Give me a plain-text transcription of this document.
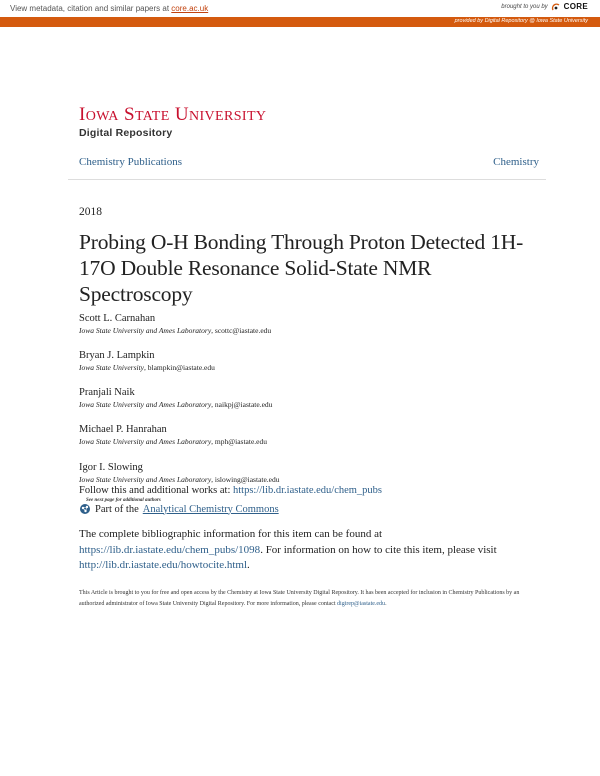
View metadata, citation and similar papers at core.ac.uk	brought to you by CORE
provided by Digital Repository @ Iowa State University
IOWA STATE UNIVERSITY
Digital Repository
Chemistry Publications	Chemistry
2018
Probing O-H Bonding Through Proton Detected 1H-17O Double Resonance Solid-State NMR Spectroscopy
Scott L. Carnahan
Iowa State University and Ames Laboratory, scottc@iastate.edu
Bryan J. Lampkin
Iowa State University, blampkin@iastate.edu
Pranjali Naik
Iowa State University and Ames Laboratory, naikpj@iastate.edu
Michael P. Hanrahan
Iowa State University and Ames Laboratory, mph@iastate.edu
Igor I. Slowing
Iowa State University and Ames Laboratory, islowing@iastate.edu
Follow this and additional works at: https://lib.dr.iastate.edu/chem_pubs
See next page for additional authors
Part of the Analytical Chemistry Commons
The complete bibliographic information for this item can be found at https://lib.dr.iastate.edu/chem_pubs/1098. For information on how to cite this item, please visit http://lib.dr.iastate.edu/howtocite.html.
This Article is brought to you for free and open access by the Chemistry at Iowa State University Digital Repository. It has been accepted for inclusion in Chemistry Publications by an authorized administrator of Iowa State University Digital Repository. For more information, please contact digirep@iastate.edu.
